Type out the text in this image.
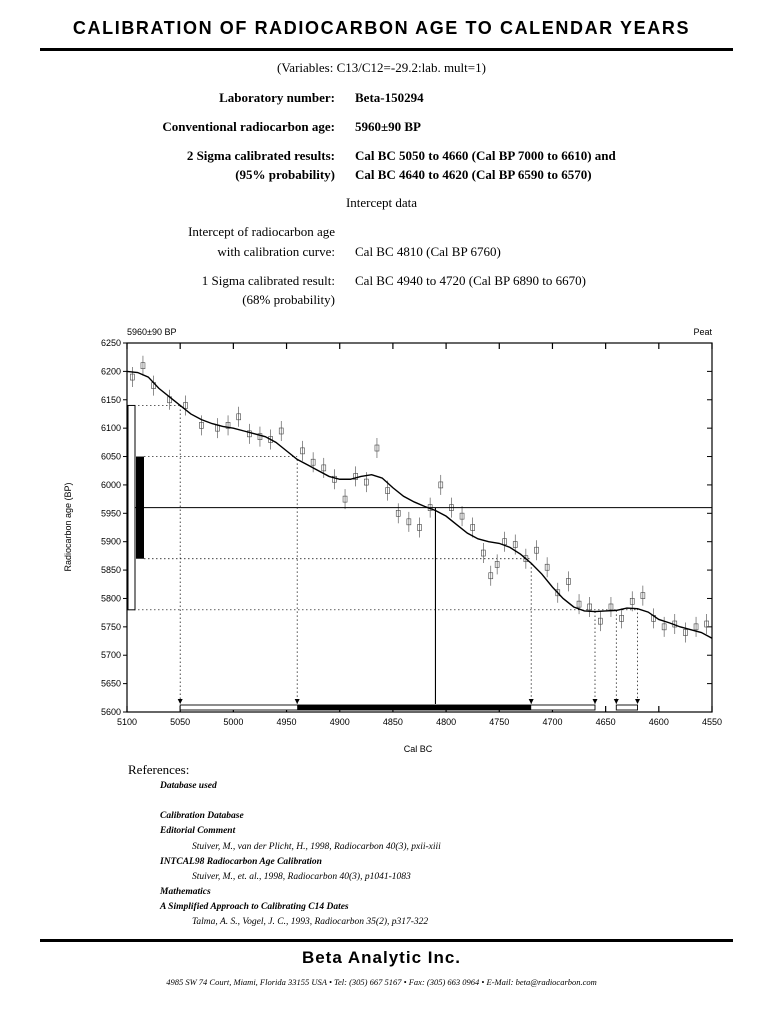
CALIBRATION OF RADIOCARBON AGE TO CALENDAR YEARS
(Variables: C13/C12=-29.2:lab. mult=1)
Laboratory number: Beta-150294
Conventional radiocarbon age: 5960±90 BP
2 Sigma calibrated results:
(95% probability)
Cal BC 5050 to 4660 (Cal BP 7000 to 6610) and
Cal BC 4640 to 4620 (Cal BP 6590 to 6570)
Intercept data
Intercept of radiocarbon age
with calibration curve: Cal BC 4810 (Cal BP 6760)
1 Sigma calibrated result:
(68% probability)
Cal BC 4940 to 4720 (Cal BP 6890 to 6670)
5960±90 BP	Peat
Cal BC
Radiocarbon age (BP)
5100	5050	5000	4950	4900	4850	4800	4750	4700	4650	4600	4550
6250
6200
6150
6100
6050
6000
5950
5900
5850
5800
5750
5700
5650
5600
References:
Database used
Calibration Database
Editorial Comment
Stuiver, M., van der Plicht, H., 1998, Radiocarbon 40(3), pxii-xiii
INTCAL98 Radiocarbon Age Calibration
Stuiver, M., et. al., 1998, Radiocarbon 40(3), p1041-1083
Mathematics
A Simplified Approach to Calibrating C14 Dates
Talma, A. S., Vogel, J. C., 1993, Radiocarbon 35(2), p317-322
Beta Analytic Inc.
4985 SW 74 Court, Miami, Florida 33155 USA • Tel: (305) 667 5167 • Fax: (305) 663 0964 • E-Mail: beta@radiocarbon.com
